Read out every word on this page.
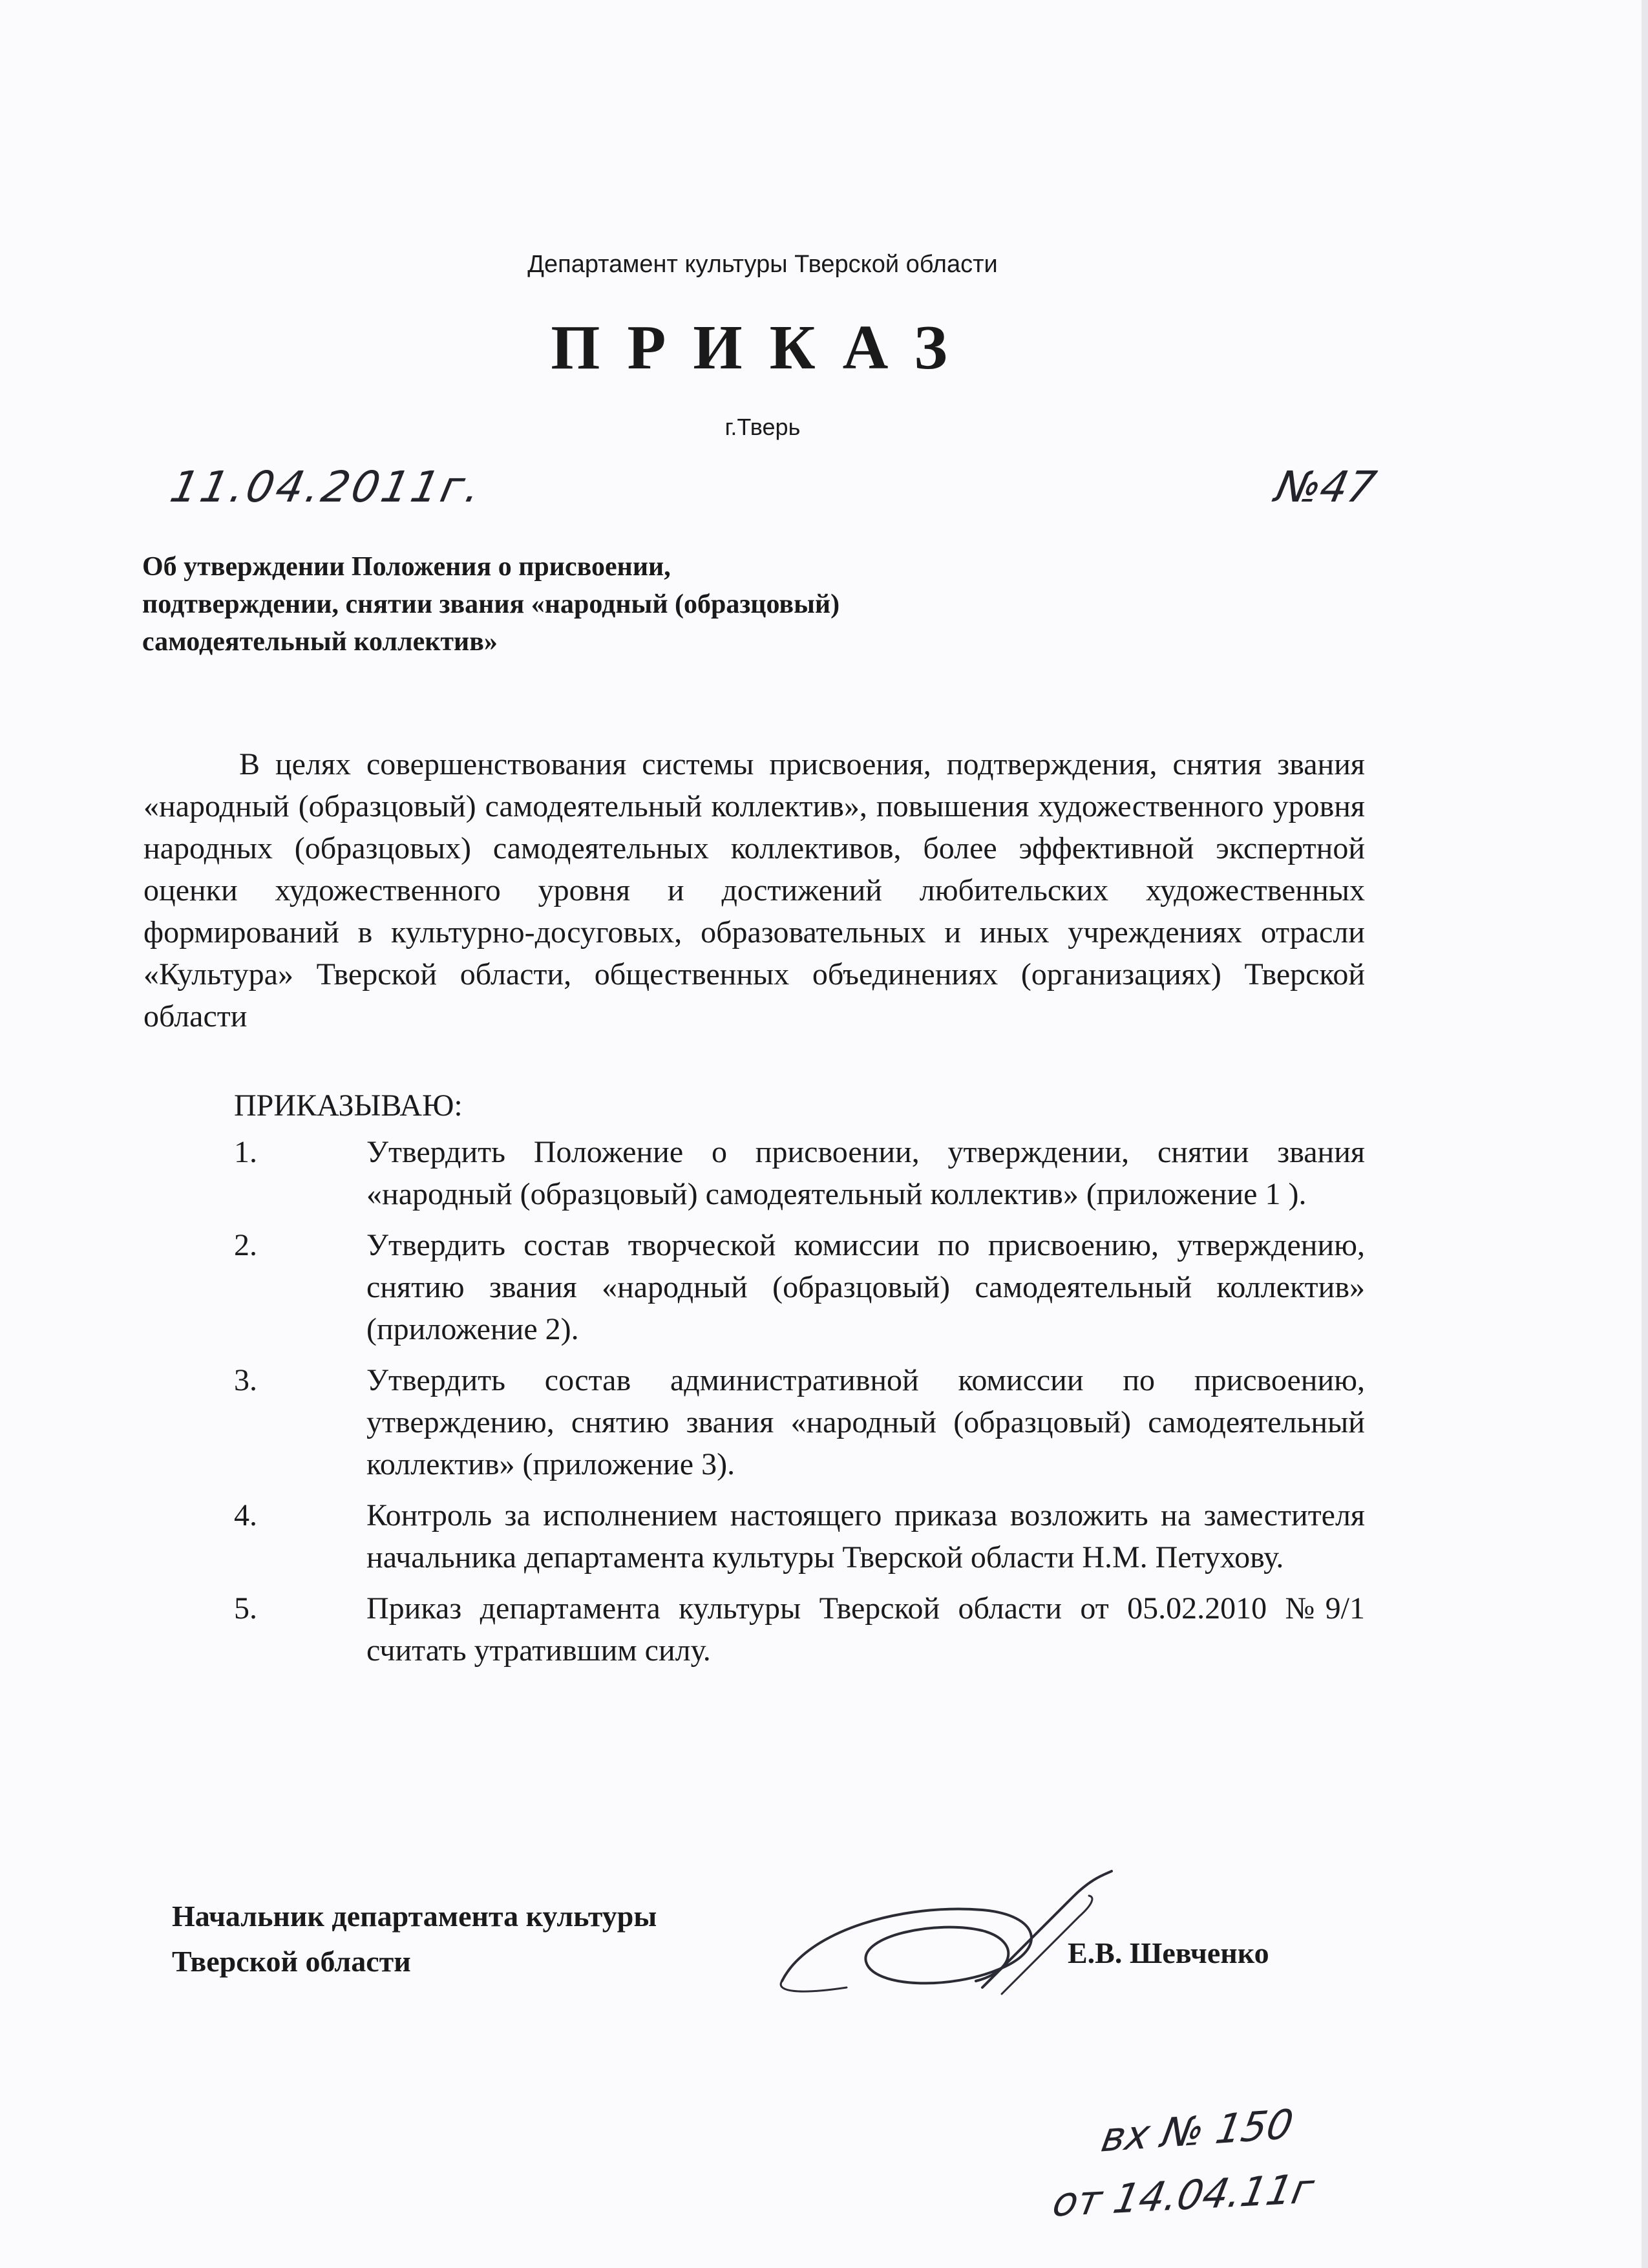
Департамент культуры Тверской области
ПРИКАЗ
г.Тверь
11.04.2011г.	№47
Об утверждении Положения о присвоении,
подтверждении, снятии звания «народный (образцовый)
самодеятельный коллектив»
В целях совершенствования системы присвоения, подтверждения, снятия звания «народный (образцовый) самодеятельный коллектив», повышения художественного уровня народных (образцовых) самодеятельных коллективов, более эффективной экспертной оценки художественного уровня и достижений любительских художественных формирований в культурно-досуговых, образовательных и иных учреждениях отрасли «Культура» Тверской области, общественных объединениях (организациях) Тверской области
ПРИКАЗЫВАЮ:
1.	Утвердить Положение о присвоении, утверждении, снятии звания «народный (образцовый) самодеятельный коллектив» (приложение 1 ).
2.	Утвердить состав творческой комиссии по присвоению, утверждению, снятию звания «народный (образцовый) самодеятельный коллектив» (приложение 2).
3.	Утвердить состав административной комиссии по присвоению, утверждению, снятию звания «народный (образцовый) самодеятельный коллектив» (приложение 3).
4.	Контроль за исполнением настоящего приказа возложить на заместителя начальника департамента культуры Тверской области Н.М. Петухову.
5.	Приказ департамента культуры Тверской области от 05.02.2010 №9/1 считать утратившим силу.
Начальник департамента культуры
Тверской области	Е.В. Шевченко
вх № 150
от 14.04.11г
